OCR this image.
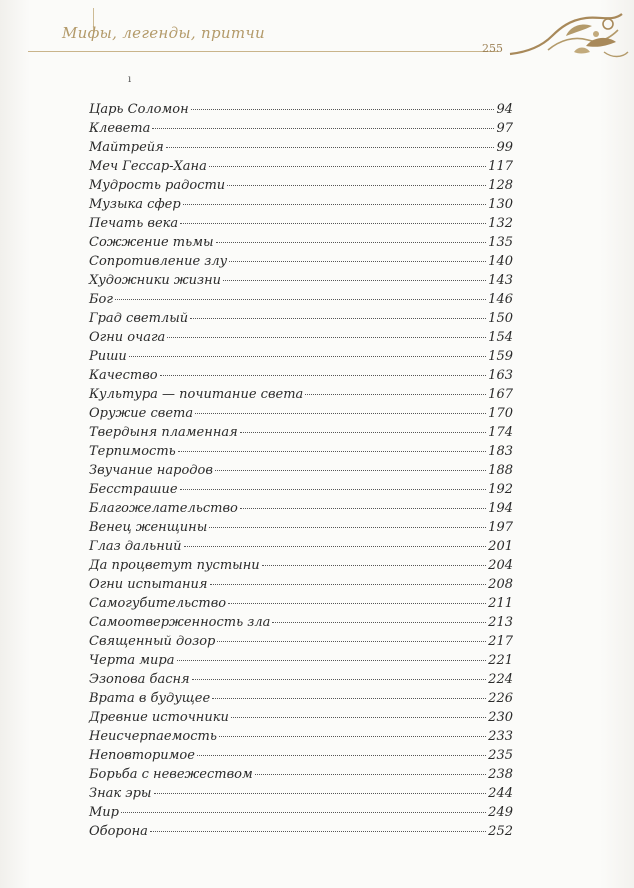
Мифы, легенды, притчи
255
ı
Царь Соломон	94
Клевета	97
Майтрейя	99
Меч Гессар-Хана	117
Мудрость радости	128
Музыка сфер	130
Печать века	132
Сожжение тьмы	135
Сопротивление злу	140
Художники жизни	143
Бог	146
Град светлый	150
Огни очага	154
Риши	159
Качество	163
Культура — почитание света	167
Оружие света	170
Твердыня пламенная	174
Терпимость	183
Звучание народов	188
Бесстрашие	192
Благожелательство	194
Венец женщины	197
Глаз дальний	201
Да процветут пустыни	204
Огни испытания	208
Самогубительство	211
Самоотверженность зла	213
Священный дозор	217
Черта мира	221
Эзопова басня	224
Врата в будущее	226
Древние источники	230
Неисчерпаемость	233
Неповторимое	235
Борьба с невежеством	238
Знак эры	244
Мир	249
Оборона	252
